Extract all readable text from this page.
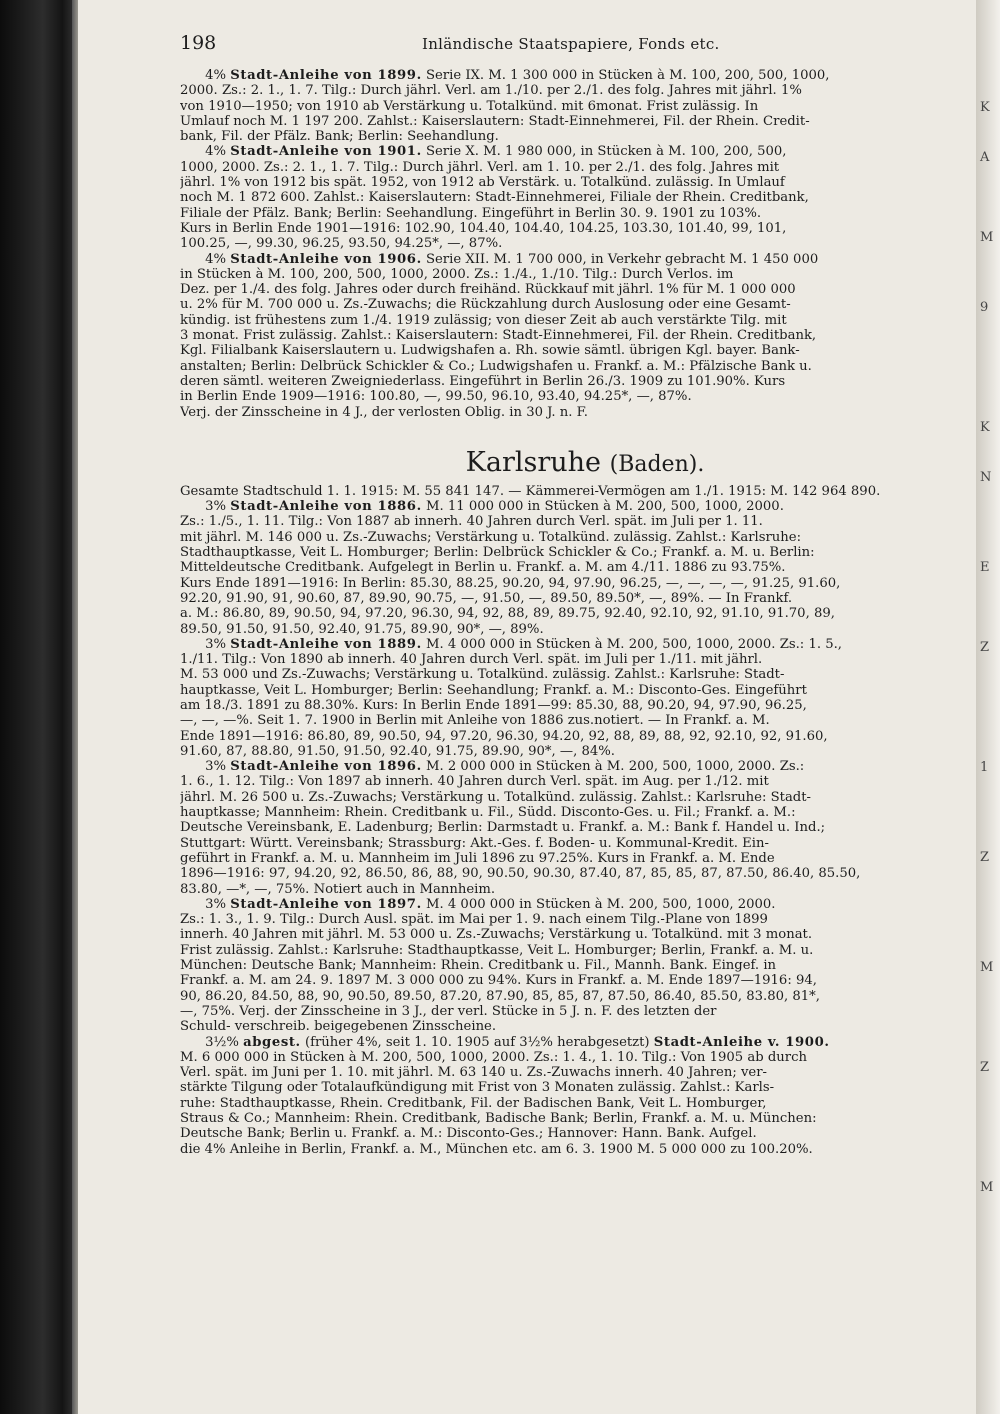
K
A
M
9
K
N
E
Z
1
Z
M
Z
M
198	Inländische Staatspapiere, Fonds etc.
4% Stadt-Anleihe von 1899. Serie IX. M. 1 300 000 in Stücken à M. 100, 200, 500, 1000,
2000. Zs.: 2. 1., 1. 7. Tilg.: Durch jährl. Verl. am 1./10. per 2./1. des folg. Jahres mit jährl. 1%
von 1910—1950; von 1910 ab Verstärkung u. Totalkünd. mit 6monat. Frist zulässig. In
Umlauf noch M. 1 197 200. Zahlst.: Kaiserslautern: Stadt-Einnehmerei, Fil. der Rhein. Credit-
bank, Fil. der Pfälz. Bank; Berlin: Seehandlung.
4% Stadt-Anleihe von 1901. Serie X. M. 1 980 000, in Stücken à M. 100, 200, 500,
1000, 2000. Zs.: 2. 1., 1. 7. Tilg.: Durch jährl. Verl. am 1. 10. per 2./1. des folg. Jahres mit
jährl. 1% von 1912 bis spät. 1952, von 1912 ab Verstärk. u. Totalkünd. zulässig. In Umlauf
noch M. 1 872 600. Zahlst.: Kaiserslautern: Stadt-Einnehmerei, Filiale der Rhein. Creditbank,
Filiale der Pfälz. Bank; Berlin: Seehandlung. Eingeführt in Berlin 30. 9. 1901 zu 103%.
Kurs in Berlin Ende 1901—1916: 102.90, 104.40, 104.40, 104.25, 103.30, 101.40, 99, 101,
100.25, —, 99.30, 96.25, 93.50, 94.25*, —, 87%.
4% Stadt-Anleihe von 1906. Serie XII. M. 1 700 000, in Verkehr gebracht M. 1 450 000
in Stücken à M. 100, 200, 500, 1000, 2000. Zs.: 1./4., 1./10. Tilg.: Durch Verlos. im
Dez. per 1./4. des folg. Jahres oder durch freihänd. Rückkauf mit jährl. 1% für M. 1 000 000
u. 2% für M. 700 000 u. Zs.-Zuwachs; die Rückzahlung durch Auslosung oder eine Gesamt-
kündig. ist frühestens zum 1./4. 1919 zulässig; von dieser Zeit ab auch verstärkte Tilg. mit
3 monat. Frist zulässig. Zahlst.: Kaiserslautern: Stadt-Einnehmerei, Fil. der Rhein. Creditbank,
Kgl. Filialbank Kaiserslautern u. Ludwigshafen a. Rh. sowie sämtl. übrigen Kgl. bayer. Bank-
anstalten; Berlin: Delbrück Schickler & Co.; Ludwigshafen u. Frankf. a. M.: Pfälzische Bank u.
deren sämtl. weiteren Zweigniederlass. Eingeführt in Berlin 26./3. 1909 zu 101.90%. Kurs
in Berlin Ende 1909—1916: 100.80, —, 99.50, 96.10, 93.40, 94.25*, —, 87%.
Verj. der Zinsscheine in 4 J., der verlosten Oblig. in 30 J. n. F.
Karlsruhe (Baden).
Gesamte Stadtschuld 1. 1. 1915: M. 55 841 147. — Kämmerei-Vermögen am 1./1. 1915: M. 142 964 890.
3% Stadt-Anleihe von 1886. M. 11 000 000 in Stücken à M. 200, 500, 1000, 2000.
Zs.: 1./5., 1. 11. Tilg.: Von 1887 ab innerh. 40 Jahren durch Verl. spät. im Juli per 1. 11.
mit jährl. M. 146 000 u. Zs.-Zuwachs; Verstärkung u. Totalkünd. zulässig. Zahlst.: Karlsruhe:
Stadthauptkasse, Veit L. Homburger; Berlin: Delbrück Schickler & Co.; Frankf. a. M. u. Berlin:
Mitteldeutsche Creditbank. Aufgelegt in Berlin u. Frankf. a. M. am 4./11. 1886 zu 93.75%.
Kurs Ende 1891—1916: In Berlin: 85.30, 88.25, 90.20, 94, 97.90, 96.25, —, —, —, —, 91.25, 91.60,
92.20, 91.90, 91, 90.60, 87, 89.90, 90.75, —, 91.50, —, 89.50, 89.50*, —, 89%. — In Frankf.
a. M.: 86.80, 89, 90.50, 94, 97.20, 96.30, 94, 92, 88, 89, 89.75, 92.40, 92.10, 92, 91.10, 91.70, 89,
89.50, 91.50, 91.50, 92.40, 91.75, 89.90, 90*, —, 89%.
3% Stadt-Anleihe von 1889. M. 4 000 000 in Stücken à M. 200, 500, 1000, 2000. Zs.: 1. 5.,
1./11. Tilg.: Von 1890 ab innerh. 40 Jahren durch Verl. spät. im Juli per 1./11. mit jährl.
M. 53 000 und Zs.-Zuwachs; Verstärkung u. Totalkünd. zulässig. Zahlst.: Karlsruhe: Stadt-
hauptkasse, Veit L. Homburger; Berlin: Seehandlung; Frankf. a. M.: Disconto-Ges. Eingeführt
am 18./3. 1891 zu 88.30%. Kurs: In Berlin Ende 1891—99: 85.30, 88, 90.20, 94, 97.90, 96.25,
—, —, —%. Seit 1. 7. 1900 in Berlin mit Anleihe von 1886 zus.notiert. — In Frankf. a. M.
Ende 1891—1916: 86.80, 89, 90.50, 94, 97.20, 96.30, 94.20, 92, 88, 89, 88, 92, 92.10, 92, 91.60,
91.60, 87, 88.80, 91.50, 91.50, 92.40, 91.75, 89.90, 90*, —, 84%.
3% Stadt-Anleihe von 1896. M. 2 000 000 in Stücken à M. 200, 500, 1000, 2000. Zs.:
1. 6., 1. 12. Tilg.: Von 1897 ab innerh. 40 Jahren durch Verl. spät. im Aug. per 1./12. mit
jährl. M. 26 500 u. Zs.-Zuwachs; Verstärkung u. Totalkünd. zulässig. Zahlst.: Karlsruhe: Stadt-
hauptkasse; Mannheim: Rhein. Creditbank u. Fil., Südd. Disconto-Ges. u. Fil.; Frankf. a. M.:
Deutsche Vereinsbank, E. Ladenburg; Berlin: Darmstadt u. Frankf. a. M.: Bank f. Handel u. Ind.;
Stuttgart: Württ. Vereinsbank; Strassburg: Akt.-Ges. f. Boden- u. Kommunal-Kredit. Ein-
geführt in Frankf. a. M. u. Mannheim im Juli 1896 zu 97.25%. Kurs in Frankf. a. M. Ende
1896—1916: 97, 94.20, 92, 86.50, 86, 88, 90, 90.50, 90.30, 87.40, 87, 85, 85, 87, 87.50, 86.40, 85.50,
83.80, —*, —, 75%. Notiert auch in Mannheim.
3% Stadt-Anleihe von 1897. M. 4 000 000 in Stücken à M. 200, 500, 1000, 2000.
Zs.: 1. 3., 1. 9. Tilg.: Durch Ausl. spät. im Mai per 1. 9. nach einem Tilg.-Plane von 1899
innerh. 40 Jahren mit jährl. M. 53 000 u. Zs.-Zuwachs; Verstärkung u. Totalkünd. mit 3 monat.
Frist zulässig. Zahlst.: Karlsruhe: Stadthauptkasse, Veit L. Homburger; Berlin, Frankf. a. M. u.
München: Deutsche Bank; Mannheim: Rhein. Creditbank u. Fil., Mannh. Bank. Eingef. in
Frankf. a. M. am 24. 9. 1897 M. 3 000 000 zu 94%. Kurs in Frankf. a. M. Ende 1897—1916: 94,
90, 86.20, 84.50, 88, 90, 90.50, 89.50, 87.20, 87.90, 85, 85, 87, 87.50, 86.40, 85.50, 83.80, 81*,
—, 75%. Verj. der Zinsscheine in 3 J., der verl. Stücke in 5 J. n. F. des letzten der
Schuld- verschreib. beigegebenen Zinsscheine.
3½% abgest. (früher 4%, seit 1. 10. 1905 auf 3½% herabgesetzt) Stadt-Anleihe v. 1900.
M. 6 000 000 in Stücken à M. 200, 500, 1000, 2000. Zs.: 1. 4., 1. 10. Tilg.: Von 1905 ab durch
Verl. spät. im Juni per 1. 10. mit jährl. M. 63 140 u. Zs.-Zuwachs innerh. 40 Jahren; ver-
stärkte Tilgung oder Totalaufkündigung mit Frist von 3 Monaten zulässig. Zahlst.: Karls-
ruhe: Stadthauptkasse, Rhein. Creditbank, Fil. der Badischen Bank, Veit L. Homburger,
Straus & Co.; Mannheim: Rhein. Creditbank, Badische Bank; Berlin, Frankf. a. M. u. München:
Deutsche Bank; Berlin u. Frankf. a. M.: Disconto-Ges.; Hannover: Hann. Bank. Aufgel.
die 4% Anleihe in Berlin, Frankf. a. M., München etc. am 6. 3. 1900 M. 5 000 000 zu 100.20%.
